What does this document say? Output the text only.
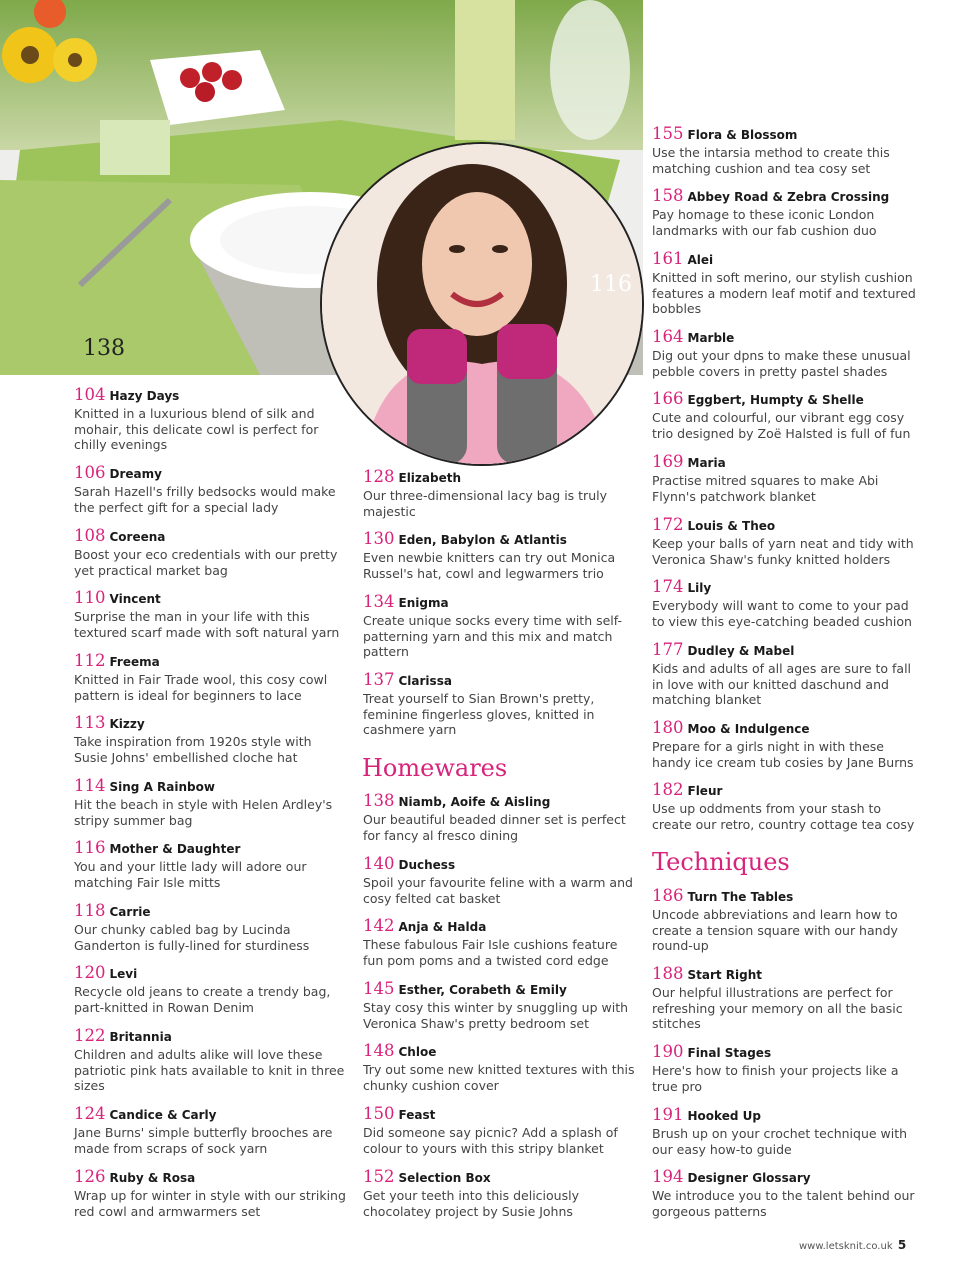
138
116
104 Hazy Days
Knitted in a luxurious blend of silk and mohair, this delicate cowl is perfect for chilly evenings
106 Dreamy
Sarah Hazell's frilly bedsocks would make the perfect gift for a special lady
108 Coreena
Boost your eco credentials with our pretty yet practical market bag
110 Vincent
Surprise the man in your life with this textured scarf made with soft natural yarn
112 Freema
Knitted in Fair Trade wool, this cosy cowl pattern is ideal for beginners to lace
113 Kizzy
Take inspiration from 1920s style with Susie Johns' embellished cloche hat
114 Sing A Rainbow
Hit the beach in style with Helen Ardley's stripy summer bag
116 Mother & Daughter
You and your little lady will adore our matching Fair Isle mitts
118 Carrie
Our chunky cabled bag by Lucinda Ganderton is fully-lined for sturdiness
120 Levi
Recycle old jeans to create a trendy bag, part-knitted in Rowan Denim
122 Britannia
Children and adults alike will love these patriotic pink hats available to knit in three sizes
124 Candice & Carly
Jane Burns' simple butterfly brooches are made from scraps of sock yarn
126 Ruby & Rosa
Wrap up for winter in style with our striking red cowl and armwarmers set
128 Elizabeth
Our three-dimensional lacy bag is truly majestic
130 Eden, Babylon & Atlantis
Even newbie knitters can try out Monica Russel's hat, cowl and legwarmers trio
134 Enigma
Create unique socks every time with self-patterning yarn and this mix and match pattern
137 Clarissa
Treat yourself to Sian Brown's pretty, feminine fingerless gloves, knitted in cashmere yarn
Homewares
138 Niamb, Aoife & Aisling
Our beautiful beaded dinner set is perfect for fancy al fresco dining
140 Duchess
Spoil your favourite feline with a warm and cosy felted cat basket
142 Anja & Halda
These fabulous Fair Isle cushions feature fun pom poms and a twisted cord edge
145 Esther, Corabeth & Emily
Stay cosy this winter by snuggling up with Veronica Shaw's pretty bedroom set
148 Chloe
Try out some new knitted textures with this chunky cushion cover
150 Feast
Did someone say picnic? Add a splash of colour to yours with this stripy blanket
152 Selection Box
Get your teeth into this deliciously chocolatey project by Susie Johns
155 Flora & Blossom
Use the intarsia method to create this matching cushion and tea cosy set
158 Abbey Road & Zebra Crossing
Pay homage to these iconic London landmarks with our fab cushion duo
161 Alei
Knitted in soft merino, our stylish cushion features a modern leaf motif and textured bobbles
164 Marble
Dig out your dpns to make these unusual pebble covers in pretty pastel shades
166 Eggbert, Humpty & Shelle
Cute and colourful, our vibrant egg cosy trio designed by Zoë Halsted is full of fun
169 Maria
Practise mitred squares to make Abi Flynn's patchwork blanket
172 Louis & Theo
Keep your balls of yarn neat and tidy with Veronica Shaw's funky knitted holders
174 Lily
Everybody will want to come to your pad to view this eye-catching beaded cushion
177 Dudley & Mabel
Kids and adults of all ages are sure to fall in love with our knitted daschund and matching blanket
180 Moo & Indulgence
Prepare for a girls night in with these handy ice cream tub cosies by Jane Burns
182 Fleur
Use up oddments from your stash to create our retro, country cottage tea cosy
Techniques
186 Turn The Tables
Uncode abbreviations and learn how to create a tension square with our handy round-up
188 Start Right
Our helpful illustrations are perfect for refreshing your memory on all the basic stitches
190 Final Stages
Here's how to finish your projects like a true pro
191 Hooked Up
Brush up on your crochet technique with our easy how-to guide
194 Designer Glossary
We introduce you to the talent behind our gorgeous patterns
www.letsknit.co.uk 5
